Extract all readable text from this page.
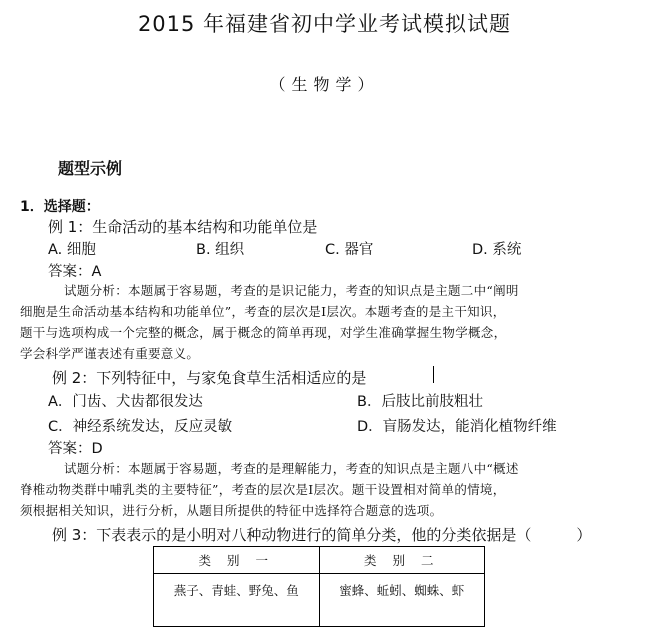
2015 年福建省初中学业考试模拟试题
（生物学）
题型示例
1．选择题：
例 1：生命活动的基本结构和功能单位是
A. 细胞	B. 组织	C. 器官	D. 系统
答案：A
试题分析：本题属于容易题，考查的是识记能力，考查的知识点是主题二中“阐明
细胞是生命活动基本结构和功能单位”，考查的层次是Ⅰ层次。本题考查的是主干知识，
题干与选项构成一个完整的概念，属于概念的简单再现，对学生准确掌握生物学概念，
学会科学严谨表述有重要意义。
例 2：下列特征中，与家兔食草生活相适应的是
A．门齿、犬齿都很发达	B．后肢比前肢粗壮
C．神经系统发达，反应灵敏	D．盲肠发达，能消化植物纤维
答案：D
试题分析：本题属于容易题，考查的是理解能力，考查的知识点是主题八中“概述
脊椎动物类群中哺乳类的主要特征”，考查的层次是Ⅰ层次。题干设置相对简单的情境，
须根据相关知识，进行分析，从题目所提供的特征中选择符合题意的选项。
例 3：下表表示的是小明对八种动物进行的简单分类，他的分类依据是（　　　）
类 别 一	类 别 二
燕子、青蛙、野兔、鱼	蜜蜂、蚯蚓、蜘蛛、虾
